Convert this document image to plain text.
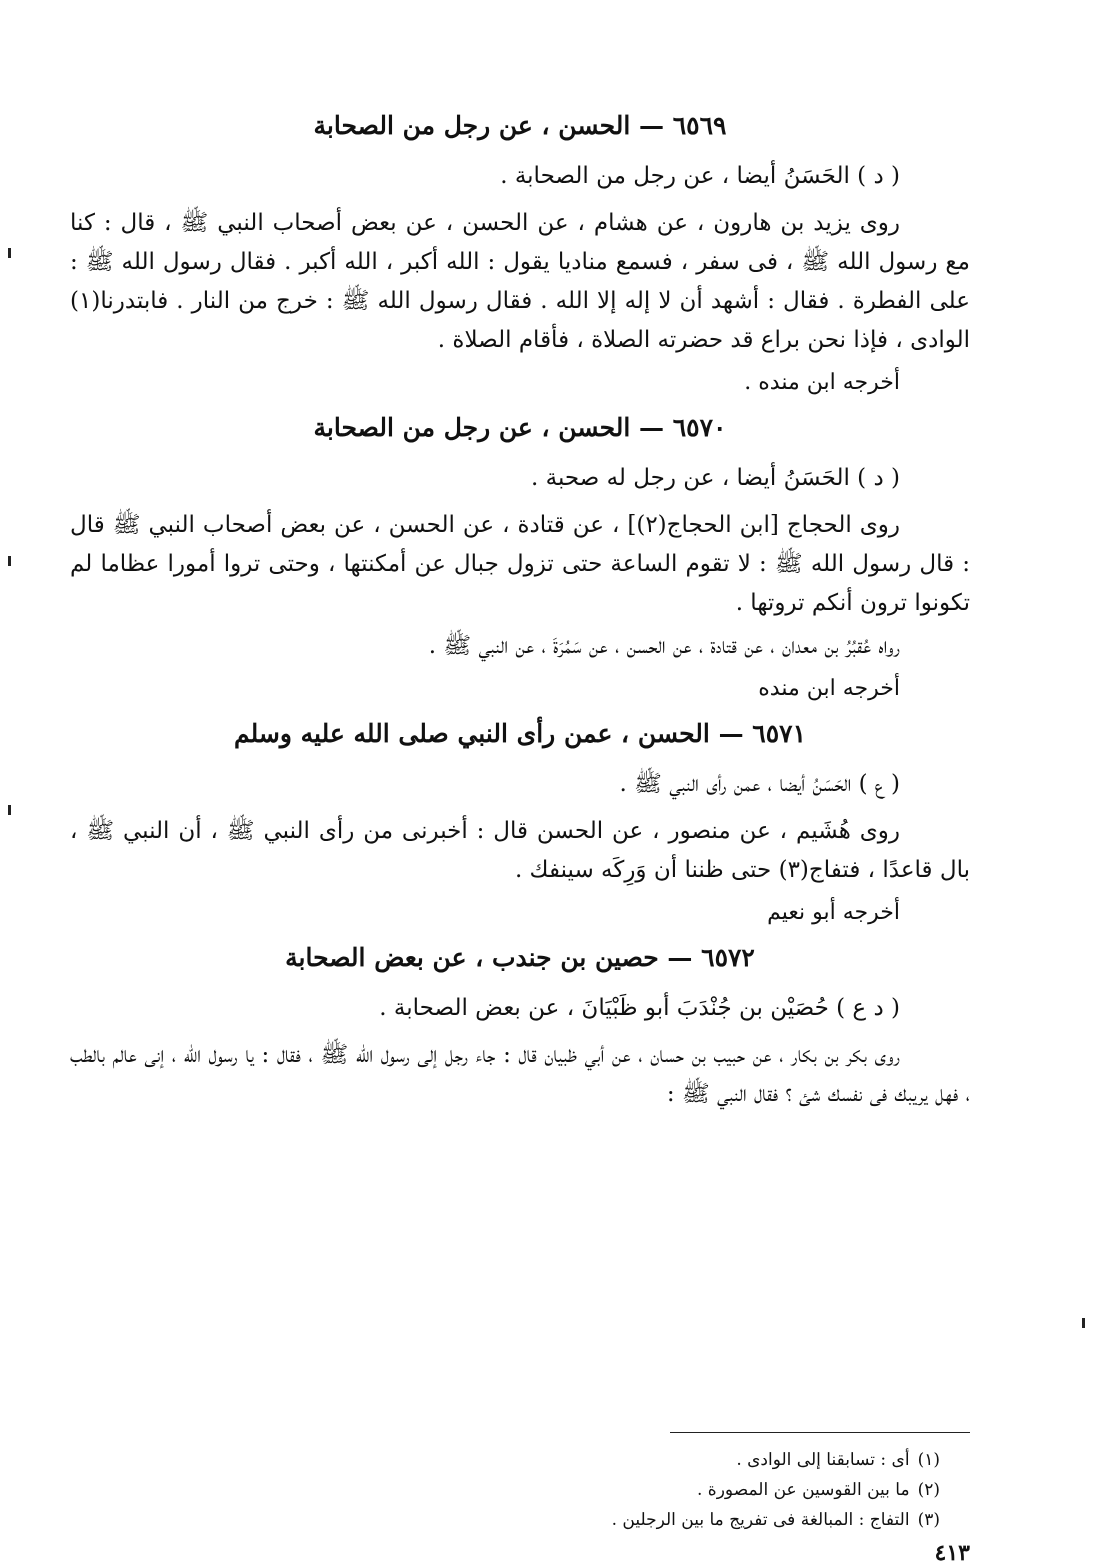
٦٥٦٩ — الحسن ، عن رجل من الصحابة
( د ) الحَسَنُ أيضا ، عن رجل من الصحابة .

روى يزيد بن هارون ، عن هشام ، عن الحسن ، عن بعض أصحاب النبي ﷺ ، قال : كنا مع رسول الله ﷺ ، فى سفر ، فسمع مناديا يقول : الله أكبر ، الله أكبر . فقال رسول الله ﷺ : على الفطرة . فقال : أشهد أن لا إله إلا الله . فقال رسول الله ﷺ : خرج من النار . فابتدرنا(١) الوادى ، فإذا نحن براع قد حضرته الصلاة ، فأقام الصلاة .

أخرجه ابن منده .
٦٥٧٠ — الحسن ، عن رجل من الصحابة
( د ) الحَسَنُ أيضا ، عن رجل له صحبة .

روى الحجاج [ابن الحجاج(٢)] ، عن قتادة ، عن الحسن ، عن بعض أصحاب النبي ﷺ قال : قال رسول الله ﷺ : لا تقوم الساعة حتى تزول جبال عن أمكنتها ، وحتى تروا أمورا عظاما لم تكونوا ترون أنكم تروتها .

رواه عُقبُرُ بن معدان ، عن قتادة ، عن الحسن ، عن سَمُرَةَ ، عن النبي ﷺ .

أخرجه ابن منده
٦٥٧١ — الحسن ، عمن رأى النبي صلى الله عليه وسلم
( ع ) الحَسَنُ أيضا ، عمن رأى النبي ﷺ .

روى هُشَيم ، عن منصور ، عن الحسن قال : أخبرنى من رأى النبي ﷺ ، أن النبي ﷺ ، بال قاعدًا ، فتفاج(٣) حتى ظننا أن وَرِكَه سينفك .

أخرجه أبو نعيم
٦٥٧٢ — حصين بن جندب ، عن بعض الصحابة
( د ع ) حُصَيْن بن جُنْدَبَ أبو ظَبْيَانَ ، عن بعض الصحابة .

روى بكر بن بكار ، عن حبيب بن حسان ، عن أبي ظبيان قال : جاء رجل إلى رسول الله ﷺ ، فقال : يا رسول الله ، إنى عالم بالطب ، فهل يريبك فى نفسك شئ ؟ فقال النبي ﷺ :

(١)
أى : تسابقنا إلى الوادى .
(٢)
ما بين القوسين عن المصورة .
(٣)
التفاج : المبالغة فى تفريج ما بين الرجلين .
٤١٣
